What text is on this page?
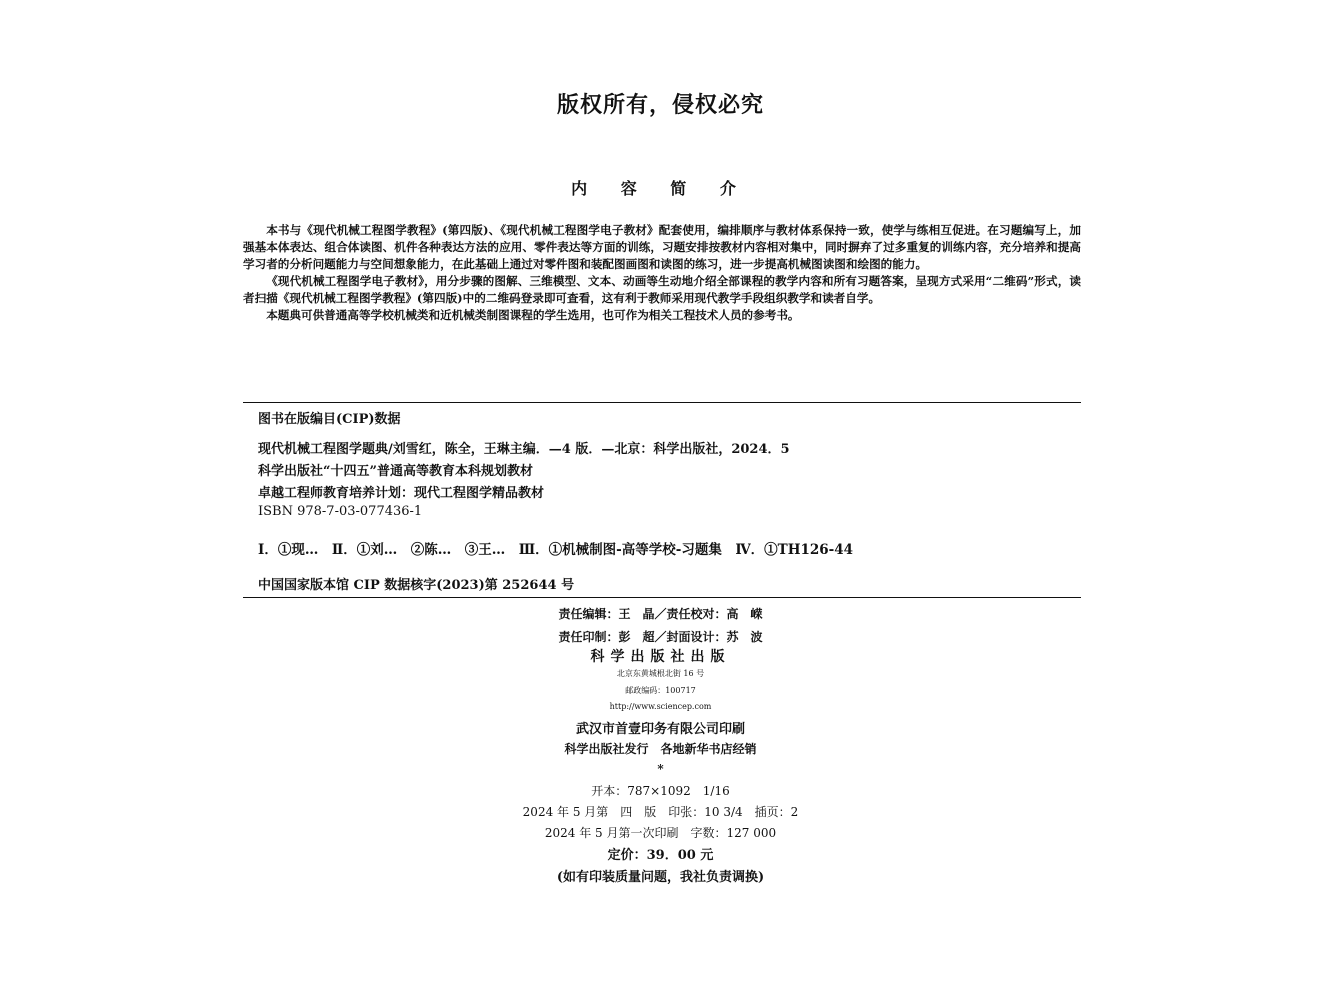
版权所有，侵权必究
内 容 简 介

本书与《现代机械工程图学教程》(第四版)、《现代机械工程图学电子教材》配套使用，编排顺序与教材体系保持一致，使学与练相互促进。在习题编写上，加强基本体表达、组合体读图、机件各种表达方法的应用、零件表达等方面的训练，习题安排按教材内容相对集中，同时摒弃了过多重复的训练内容，充分培养和提高学习者的分析问题能力与空间想象能力，在此基础上通过对零件图和装配图画图和读图的练习，进一步提高机械图读图和绘图的能力。

《现代机械工程图学电子教材》，用分步骤的图解、三维模型、文本、动画等生动地介绍全部课程的教学内容和所有习题答案，呈现方式采用“二维码”形式，读者扫描《现代机械工程图学教程》(第四版)中的二维码登录即可查看，这有利于教师采用现代教学手段组织教学和读者自学。

本题典可供普通高等学校机械类和近机械类制图课程的学生选用，也可作为相关工程技术人员的参考书。

图书在版编目(CIP)数据
现代机械工程图学题典/刘雪红，陈全，王琳主编．—4 版．—北京：科学出版社，2024．5
科学出版社“十四五”普通高等教育本科规划教材
卓越工程师教育培养计划：现代工程图学精品教材
ISBN 978-7-03-077436-1
Ⅰ．①现…　Ⅱ．①刘…　②陈…　③王…　Ⅲ．①机械制图-高等学校-习题集　Ⅳ．①TH126-44
中国国家版本馆 CIP 数据核字(2023)第 252644 号
责任编辑：王　晶／责任校对：高　嵘
责任印制：彭　超／封面设计：苏　波
科学出版社出版
北京东黄城根北街 16 号
邮政编码：100717
http://www.sciencep.com
武汉市首壹印务有限公司印刷
科学出版社发行　各地新华书店经销
*
开本：787×1092　1/16
2024 年 5 月第　四　版　印张：10 3/4　插页：2
2024 年 5 月第一次印刷　字数：127 000
定价：39．00 元
(如有印装质量问题，我社负责调换)
